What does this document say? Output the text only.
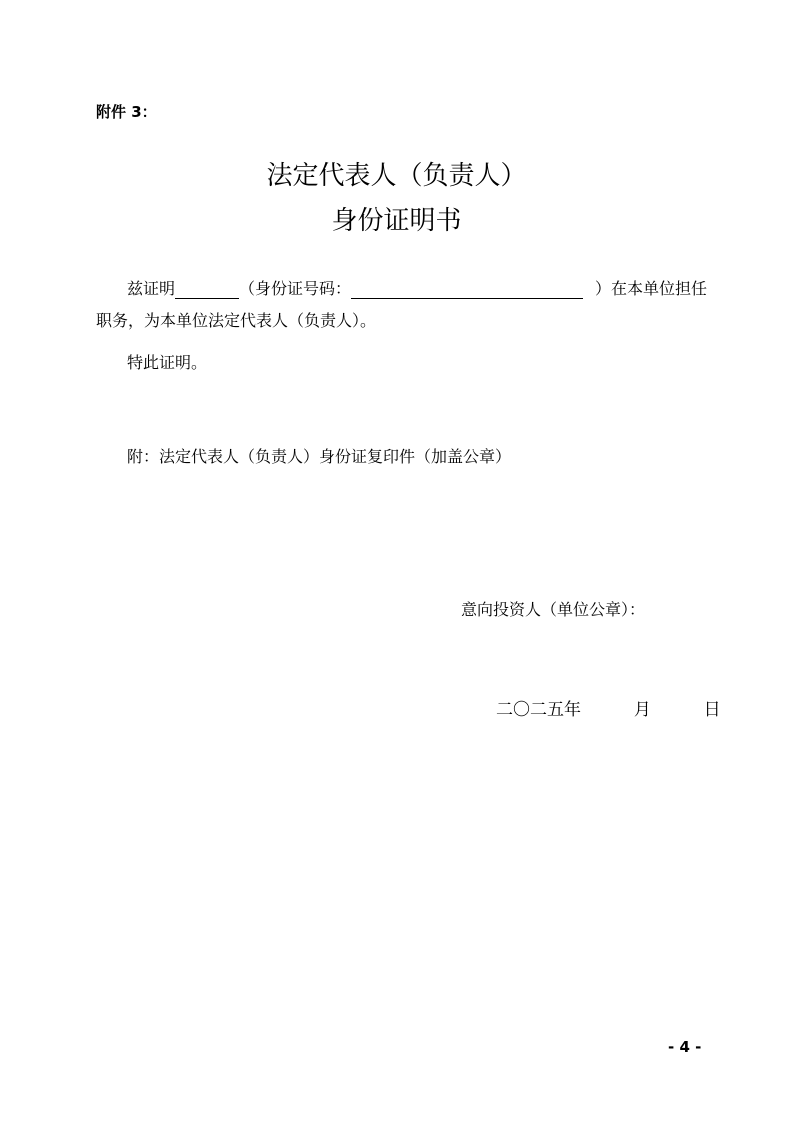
附件 3：
法定代表人（负责人）
身份证明书
兹证明	（身份证号码：	）在本单位担任
职务，为本单位法定代表人（负责人）。
特此证明。
附：法定代表人（负责人）身份证复印件（加盖公章）
意向投资人（单位公章）：
二〇二五年	月	日
- 4 -
